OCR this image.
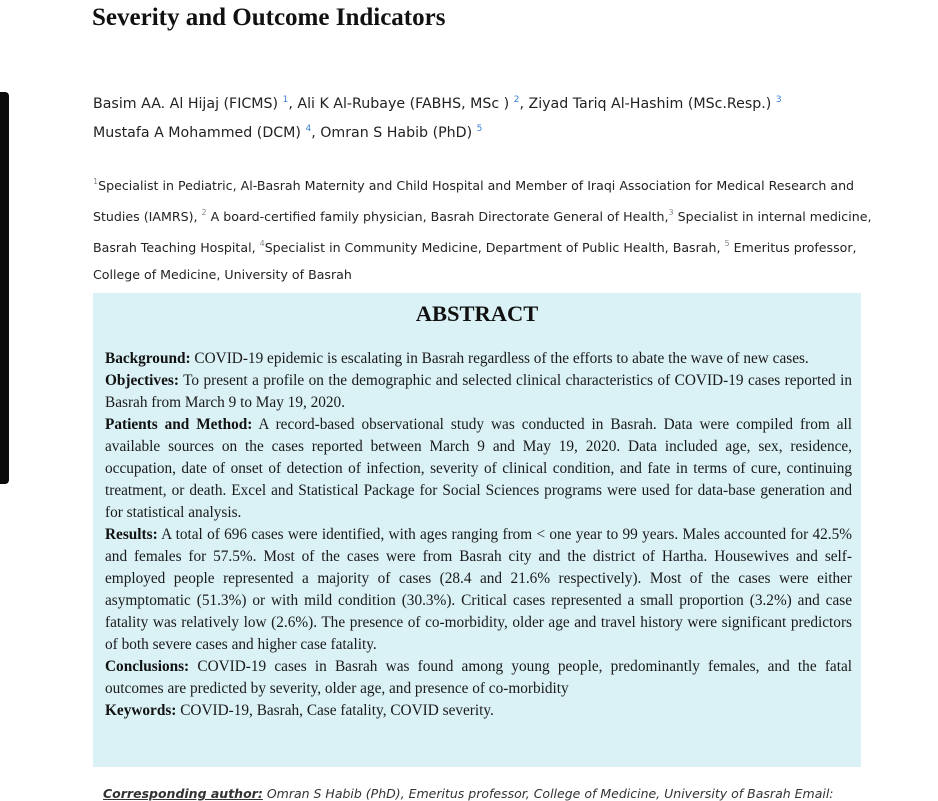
Severity and Outcome Indicators
Basim AA. Al Hijaj (FICMS) $^1$, Ali K Al-Rubaye (FABHS, MSc ) $^2$, Ziyad Tariq Al-Hashim (MSc.Resp.) $^3$
Mustafa A Mohammed (DCM) $^4$, Omran S Habib (PhD) $^5$
$^1$Specialist in Pediatric, Al-Basrah Maternity and Child Hospital and Member of Iraqi Association for Medical Research and Studies (IAMRS), $^2$ A board-certified family physician, Basrah Directorate General of Health,$^3$ Specialist in internal medicine, Basrah Teaching Hospital, $^4$Specialist in Community Medicine, Department of Public Health, Basrah, $^5$ Emeritus professor, College of Medicine, University of Basrah
ABSTRACT

Background: COVID-19 epidemic is escalating in Basrah regardless of the efforts to abate the wave of new cases.

Objectives: To present a profile on the demographic and selected clinical characteristics of COVID-19 cases reported in Basrah from March 9 to May 19, 2020.

Patients and Method: A record-based observational study was conducted in Basrah. Data were compiled from all available sources on the cases reported between March 9 and May 19, 2020. Data included age, sex, residence, occupation, date of onset of detection of infection, severity of clinical condition, and fate in terms of cure, continuing treatment, or death. Excel and Statistical Package for Social Sciences programs were used for data-base generation and for statistical analysis.

Results: A total of 696 cases were identified, with ages ranging from < one year to 99 years. Males accounted for 42.5% and females for 57.5%. Most of the cases were from Basrah city and the district of Hartha. Housewives and self-employed people represented a majority of cases (28.4 and 21.6% respectively). Most of the cases were either asymptomatic (51.3%) or with mild condition (30.3%). Critical cases represented a small proportion (3.2%) and case fatality was relatively low (2.6%). The presence of co-morbidity, older age and travel history were significant predictors of both severe cases and higher case fatality.

Conclusions: COVID-19 cases in Basrah was found among young people, predominantly females, and the fatal outcomes are predicted by severity, older age, and presence of co-morbidity

Keywords: COVID-19, Basrah, Case fatality, COVID severity.

Corresponding author: Omran S Habib (PhD), Emeritus professor, College of Medicine, University of Basrah Email:
